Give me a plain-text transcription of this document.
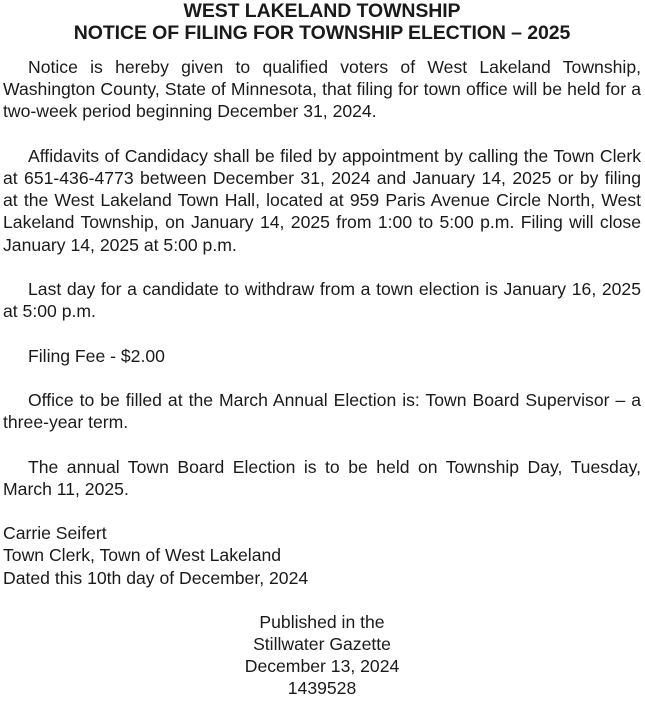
WEST LAKELAND TOWNSHIP

NOTICE OF FILING FOR TOWNSHIP ELECTION – 2025

Notice is hereby given to qualified voters of West Lakeland Township, Washington County, State of Minnesota, that filing for town office will be held for a two-week period beginning December 31, 2024.

Affidavits of Candidacy shall be filed by appointment by calling the Town Clerk at 651-436-4773 between December 31, 2024 and January 14, 2025 or by filing at the West Lakeland Town Hall, located at 959 Paris Avenue Circle North, West Lakeland Township, on January 14, 2025 from 1:00 to 5:00 p.m. Filing will close January 14, 2025 at 5:00 p.m.

Last day for a candidate to withdraw from a town election is January 16, 2025 at 5:00 p.m.

Filing Fee - $2.00

Office to be filled at the March Annual Election is: Town Board Supervisor – a three-year term.

The annual Town Board Election is to be held on Township Day, Tuesday, March 11, 2025.

Carrie Seifert

Town Clerk, Town of West Lakeland

Dated this 10th day of December, 2024

Published in the

Stillwater Gazette

December 13, 2024

1439528
